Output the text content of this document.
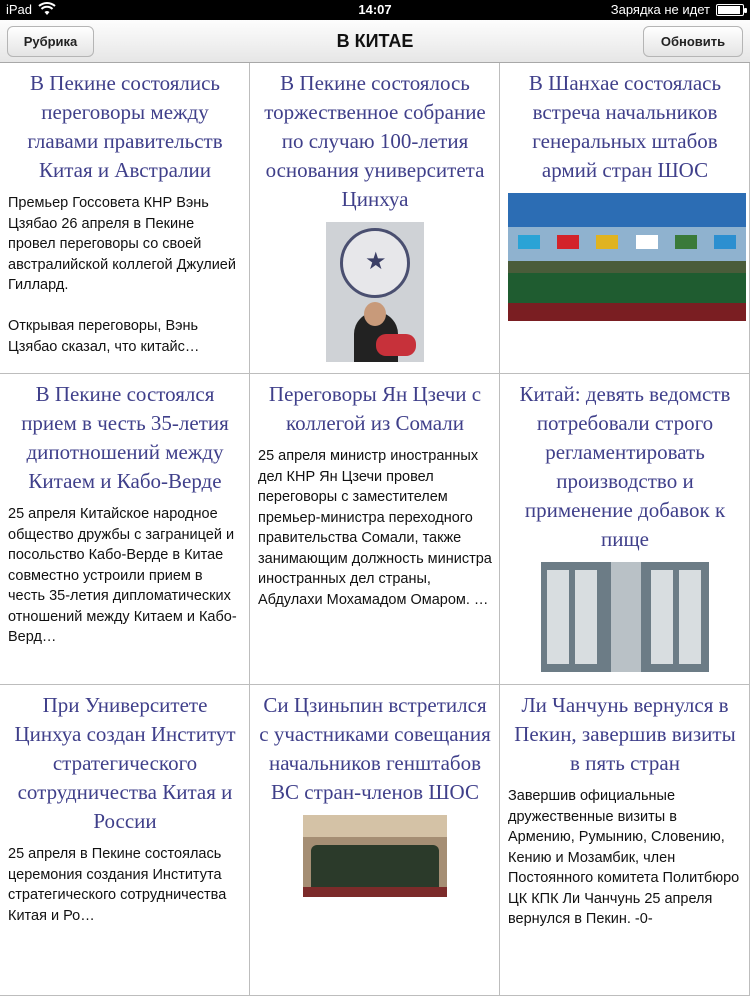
iPad	14:07	Зарядка не идет
Рубрика	В КИТАЕ	Обновить
В Пекине состоялись переговоры между главами правительств Китая и Австралии
Премьер Госсовета КНР Вэнь Цзябао 26 апреля в Пекине провел переговоры со своей австралийской коллегой Джулией Гиллард.

Открывая переговоры, Вэнь Цзябао сказал, что китайс…
В Пекине состоялось торжественное собрание по случаю 100-летия основания университета Цинхуа
★
В Шанхае состоялась встреча начальников генеральных штабов армий стран ШОС
В Пекине состоялся прием в честь 35-летия дипотношений между Китаем и Кабо-Верде
25 апреля Китайское народное общество дружбы с заграницей и посольство Кабо-Верде в Китае совместно устроили прием в честь 35-летия дипломатических отношений между Китаем и Кабо-Верд…
Переговоры Ян Цзечи с коллегой из Сомали
25 апреля министр иностранных дел КНР Ян Цзечи провел переговоры с заместителем премьер-министра переходного правительства Сомали, также занимающим должность министра иностранных дел страны, Абдулахи Мохамадом Омаром. …
Китай: девять ведомств потребовали строго регламентировать производство и применение добавок к пище
При Университете Цинхуа создан Институт стратегического сотрудничества Китая и России
25 апреля в Пекине состоялась церемония создания Института стратегического сотрудничества Китая и Ро…
Си Цзиньпин встретился с участниками совещания начальников генштабов ВС стран-членов ШОС
Ли Чанчунь вернулся в Пекин, завершив визиты в пять стран
Завершив официальные дружественные визиты в Армению, Румынию, Словению, Кению и Мозамбик, член Постоянного комитета Политбюро ЦК КПК Ли Чанчунь 25 апреля вернулся в Пекин. -0-
